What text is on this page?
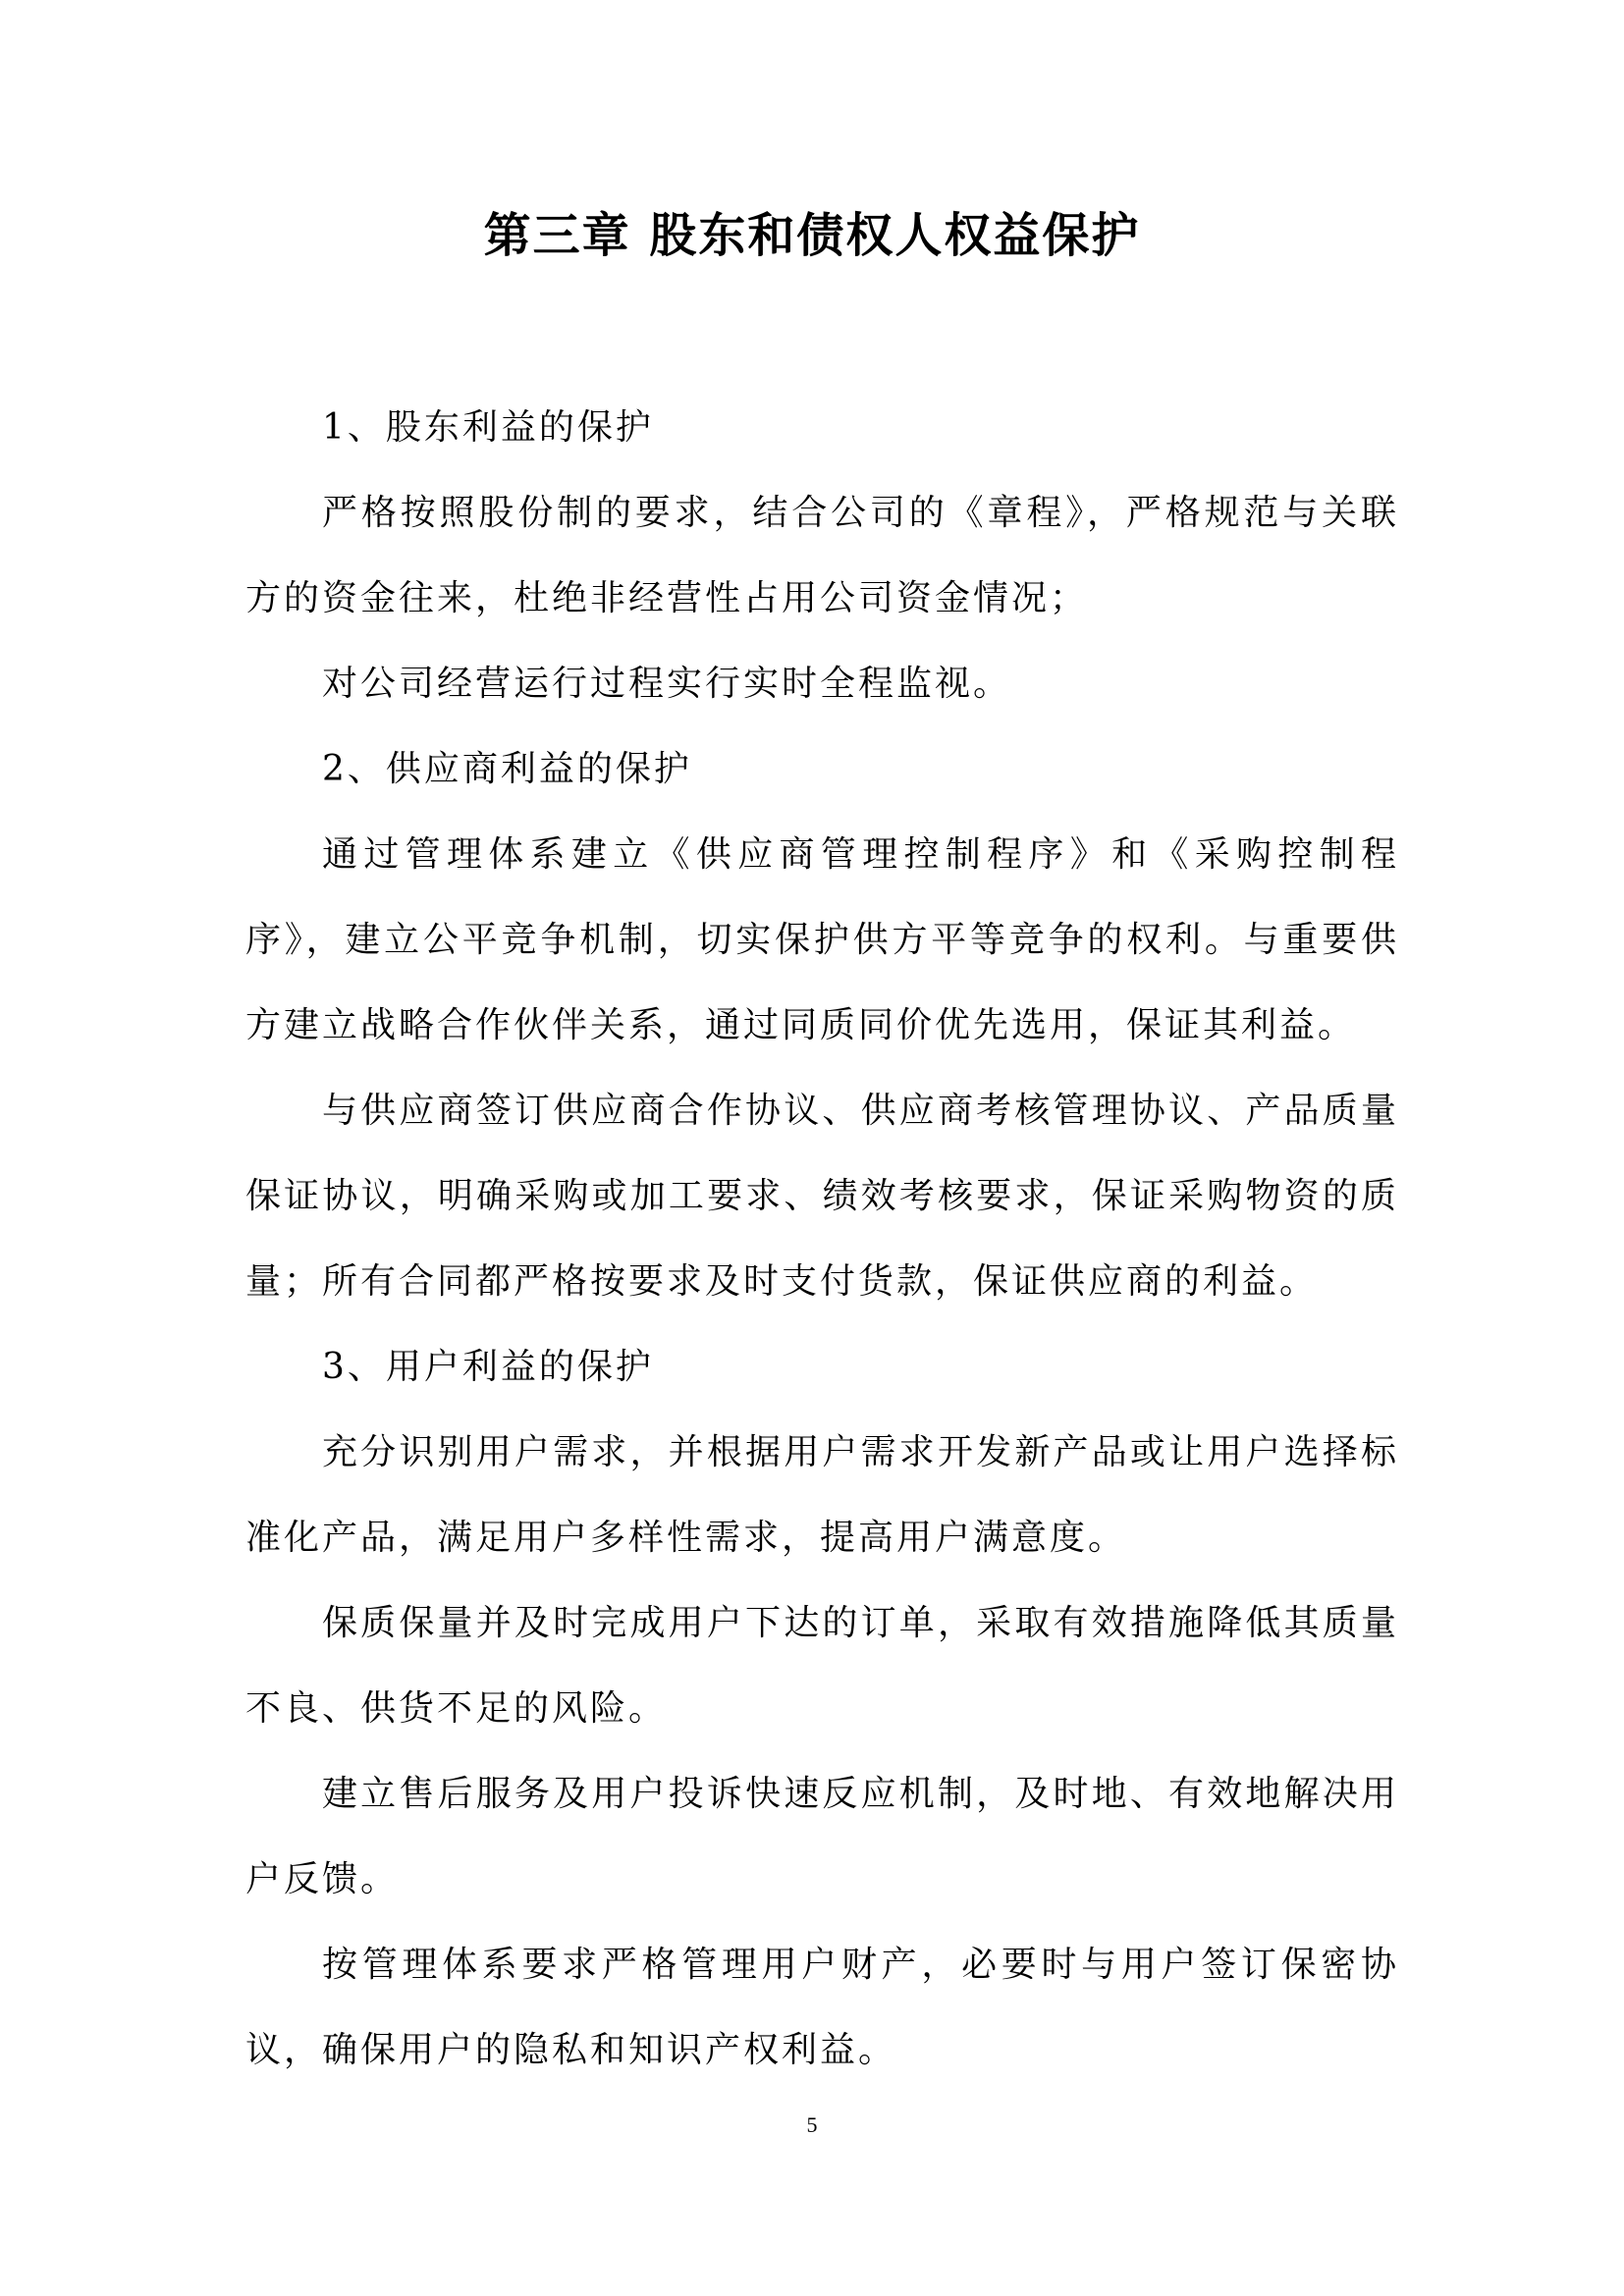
第三章 股东和债权人权益保护

1、股东利益的保护

严格按照股份制的要求，结合公司的《章程》，严格规范与关联方的资金往来，杜绝非经营性占用公司资金情况；

对公司经营运行过程实行实时全程监视。

2、供应商利益的保护

通过管理体系建立《供应商管理控制程序》和《采购控制程序》，建立公平竞争机制，切实保护供方平等竞争的权利。与重要供方建立战略合作伙伴关系，通过同质同价优先选用，保证其利益。

与供应商签订供应商合作协议、供应商考核管理协议、产品质量保证协议，明确采购或加工要求、绩效考核要求，保证采购物资的质量；所有合同都严格按要求及时支付货款，保证供应商的利益。

3、用户利益的保护

充分识别用户需求，并根据用户需求开发新产品或让用户选择标准化产品，满足用户多样性需求，提高用户满意度。

保质保量并及时完成用户下达的订单，采取有效措施降低其质量不良、供货不足的风险。

建立售后服务及用户投诉快速反应机制，及时地、有效地解决用户反馈。

按管理体系要求严格管理用户财产，必要时与用户签订保密协议，确保用户的隐私和知识产权利益。

5
